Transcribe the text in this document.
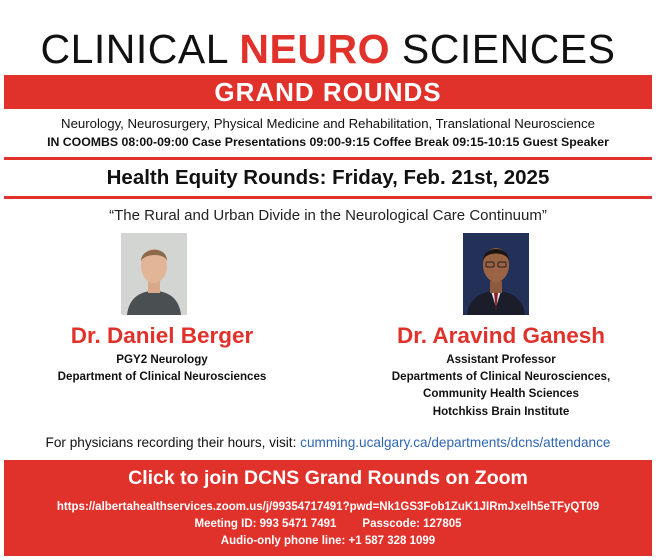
CLINICAL NEURO SCIENCES
GRAND ROUNDS
Neurology, Neurosurgery, Physical Medicine and Rehabilitation, Translational Neuroscience
IN COOMBS 08:00-09:00 Case Presentations 09:00-9:15 Coffee Break 09:15-10:15 Guest Speaker
Health Equity Rounds: Friday, Feb. 21st, 2025
“The Rural and Urban Divide in the Neurological Care Continuum”
Dr. Daniel Berger
PGY2 Neurology
Department of Clinical Neurosciences
Dr. Aravind Ganesh
Assistant Professor
Departments of Clinical Neurosciences,
Community Health Sciences
Hotchkiss Brain Institute
For physicians recording their hours, visit: cumming.ucalgary.ca/departments/dcns/attendance
Click to join DCNS Grand Rounds on Zoom
https://albertahealthservices.zoom.us/j/99354717491?pwd=Nk1GS3Fob1ZuK1JIRmJxelh5eTFyQT09
Meeting ID: 993 5471 7491 Passcode: 127805
Audio-only phone line: +1 587 328 1099
